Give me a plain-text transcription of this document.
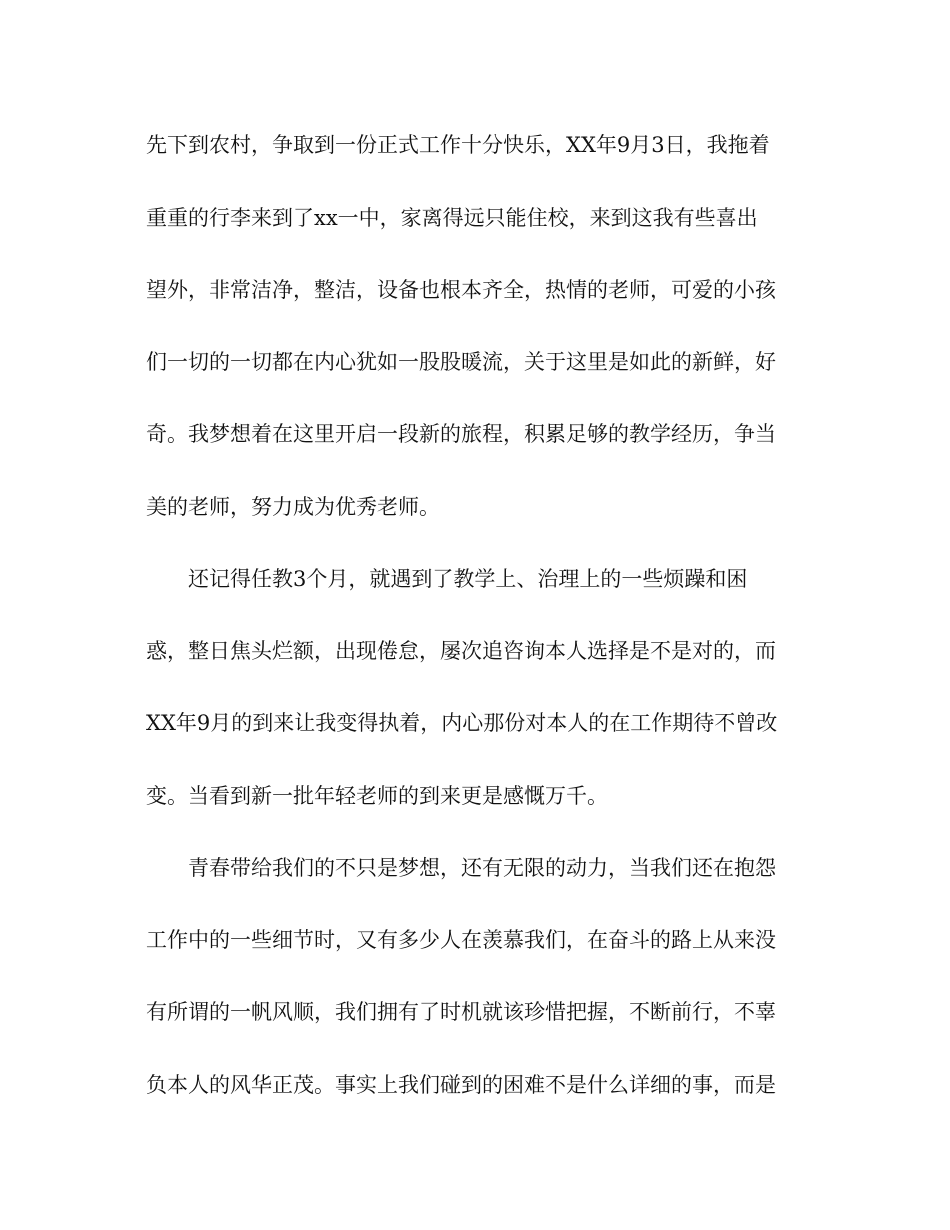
先下到农村，争取到一份正式工作十分快乐，XX年9月3日，我拖着
重重的行李来到了xx一中，家离得远只能住校，来到这我有些喜出
望外，非常洁净，整洁，设备也根本齐全，热情的老师，可爱的小孩
们一切的一切都在内心犹如一股股暖流，关于这里是如此的新鲜，好
奇。我梦想着在这里开启一段新的旅程，积累足够的教学经历，争当
美的老师，努力成为优秀老师。
还记得任教3个月，就遇到了教学上、治理上的一些烦躁和困
惑，整日焦头烂额，出现倦怠，屡次追咨询本人选择是不是对的，而
XX年9月的到来让我变得执着，内心那份对本人的在工作期待不曾改
变。当看到新一批年轻老师的到来更是感慨万千。
青春带给我们的不只是梦想，还有无限的动力，当我们还在抱怨
工作中的一些细节时，又有多少人在羡慕我们，在奋斗的路上从来没
有所谓的一帆风顺，我们拥有了时机就该珍惜把握，不断前行，不辜
负本人的风华正茂。事实上我们碰到的困难不是什么详细的事，而是
